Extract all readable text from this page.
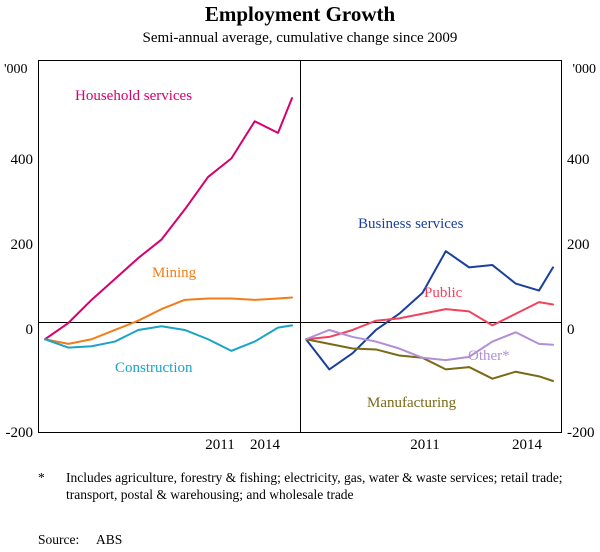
Employment Growth
Semi-annual average, cumulative change since 2009
'000	'000
400
200
0
-200
400
200
0
-200
2011	2014	2011	2014
Household services
Mining
Construction
Business services
Public
Other*
Manufacturing
* Includes agriculture, forestry & fishing; electricity, gas, water & waste services; retail trade; transport, postal & warehousing; and wholesale trade
Source: ABS
